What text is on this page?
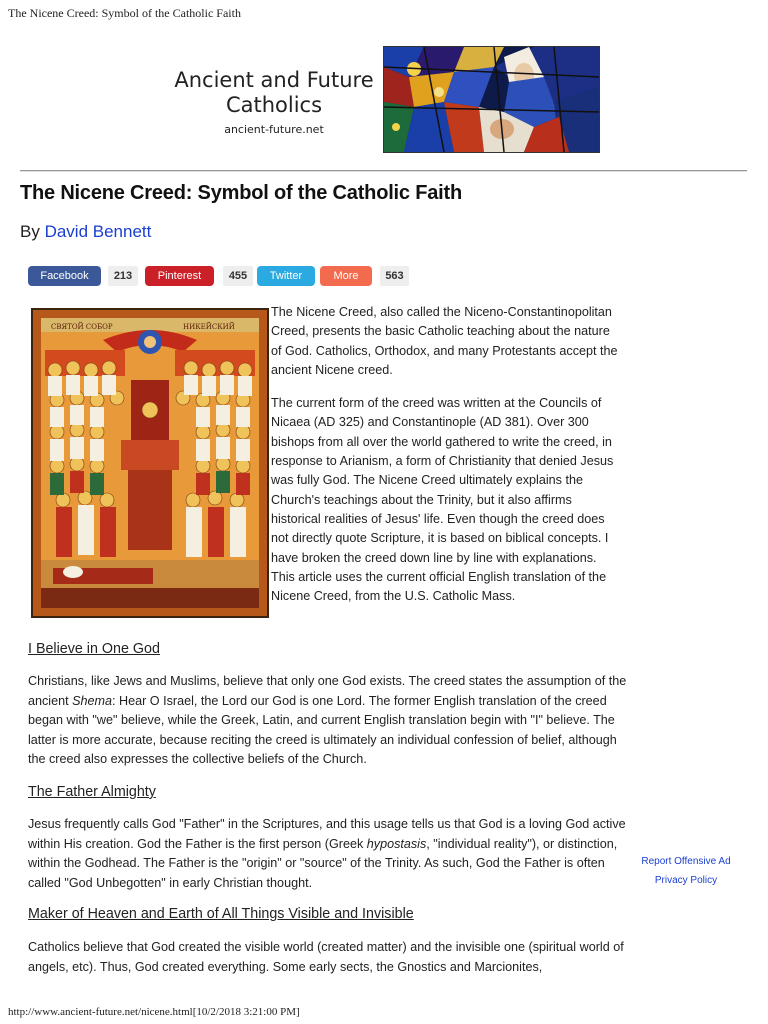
The Nicene Creed: Symbol of the Catholic Faith
Ancient and Future
Catholics
ancient-future.net
The Nicene Creed: Symbol of the Catholic Faith
By David Bennett
Facebook	213	Pinterest	455	Twitter	More	563
СВЯТОЙ СОБОР	НИКЕЙСКИЙ

The Nicene Creed, also called the Niceno-Constantinopolitan Creed, presents the basic Catholic teaching about the nature of God. Catholics, Orthodox, and many Protestants accept the ancient Nicene creed.

The current form of the creed was written at the Councils of Nicaea (AD 325) and Constantinople (AD 381). Over 300 bishops from all over the world gathered to write the creed, in response to Arianism, a form of Christianity that denied Jesus was fully God. The Nicene Creed ultimately explains the Church's teachings about the Trinity, but it also affirms historical realities of Jesus' life. Even though the creed does not directly quote Scripture, it is based on biblical concepts. I have broken the creed down line by line with explanations. This article uses the current official English translation of the Nicene Creed, from the U.S. Catholic Mass.

I Believe in One God

Christians, like Jews and Muslims, believe that only one God exists. The creed states the assumption of the ancient Shema: Hear O Israel, the Lord our God is one Lord. The former English translation of the creed began with "we" believe, while the Greek, Latin, and current English translation begin with "I" believe. The latter is more accurate, because reciting the creed is ultimately an individual confession of belief, although the creed also expresses the collective beliefs of the Church.

The Father Almighty

Jesus frequently calls God "Father" in the Scriptures, and this usage tells us that God is a loving God active within His creation. God the Father is the first person (Greek hypostasis, "individual reality"), or distinction, within the Godhead. The Father is the "origin" or "source" of the Trinity. As such, God the Father is often called "God Unbegotten" in early Christian thought.

Maker of Heaven and Earth of All Things Visible and Invisible

Catholics believe that God created the visible world (created matter) and the invisible one (spiritual world of angels, etc). Thus, God created everything. Some early sects, the Gnostics and Marcionites,

Report Offensive Ad
Privacy Policy
http://www.ancient-future.net/nicene.html[10/2/2018 3:21:00 PM]
